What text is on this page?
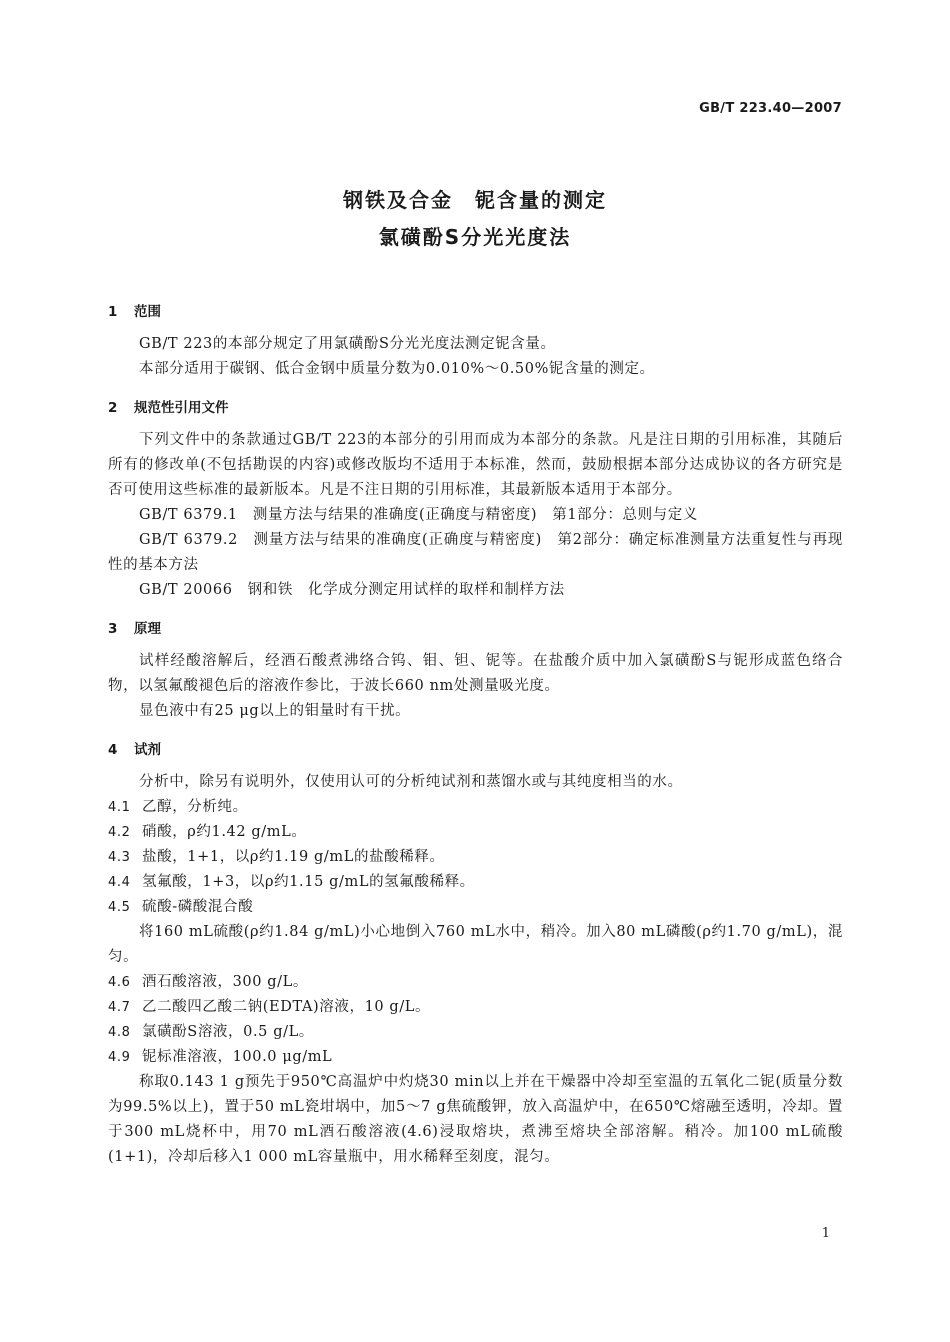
GB/T 223.40—2007
钢铁及合金　铌含量的测定
氯磺酚S分光光度法
1 范围
GB/T 223的本部分规定了用氯磺酚S分光光度法测定铌含量。
本部分适用于碳钢、低合金钢中质量分数为0.010%～0.50%铌含量的测定。
2 规范性引用文件
下列文件中的条款通过GB/T 223的本部分的引用而成为本部分的条款。凡是注日期的引用标准，其随后所有的修改单(不包括勘误的内容)或修改版均不适用于本标准，然而，鼓励根据本部分达成协议的各方研究是否可使用这些标准的最新版本。凡是不注日期的引用标准，其最新版本适用于本部分。
GB/T 6379.1　测量方法与结果的准确度(正确度与精密度)　第1部分：总则与定义
GB/T 6379.2　测量方法与结果的准确度(正确度与精密度)　第2部分：确定标准测量方法重复性与再现性的基本方法
GB/T 20066　钢和铁　化学成分测定用试样的取样和制样方法
3 原理
试样经酸溶解后，经酒石酸煮沸络合钨、钼、钽、铌等。在盐酸介质中加入氯磺酚S与铌形成蓝色络合物，以氢氟酸褪色后的溶液作参比，于波长660 nm处测量吸光度。
显色液中有25 μg以上的钼量时有干扰。
4 试剂
分析中，除另有说明外，仅使用认可的分析纯试剂和蒸馏水或与其纯度相当的水。
4.1 乙醇，分析纯。
4.2 硝酸，ρ约1.42 g/mL。
4.3 盐酸，1+1，以ρ约1.19 g/mL的盐酸稀释。
4.4 氢氟酸，1+3，以ρ约1.15 g/mL的氢氟酸稀释。
4.5 硫酸-磷酸混合酸
将160 mL硫酸(ρ约1.84 g/mL)小心地倒入760 mL水中，稍冷。加入80 mL磷酸(ρ约1.70 g/mL)，混匀。
4.6 酒石酸溶液，300 g/L。
4.7 乙二酸四乙酸二钠(EDTA)溶液，10 g/L。
4.8 氯磺酚S溶液，0.5 g/L。
4.9 铌标准溶液，100.0 μg/mL
称取0.143 1 g预先于950℃高温炉中灼烧30 min以上并在干燥器中冷却至室温的五氧化二铌(质量分数为99.5%以上)，置于50 mL瓷坩埚中，加5～7 g焦硫酸钾，放入高温炉中，在650℃熔融至透明，冷却。置于300 mL烧杯中，用70 mL酒石酸溶液(4.6)浸取熔块，煮沸至熔块全部溶解。稍冷。加100 mL硫酸(1+1)，冷却后移入1 000 mL容量瓶中，用水稀释至刻度，混匀。
1
